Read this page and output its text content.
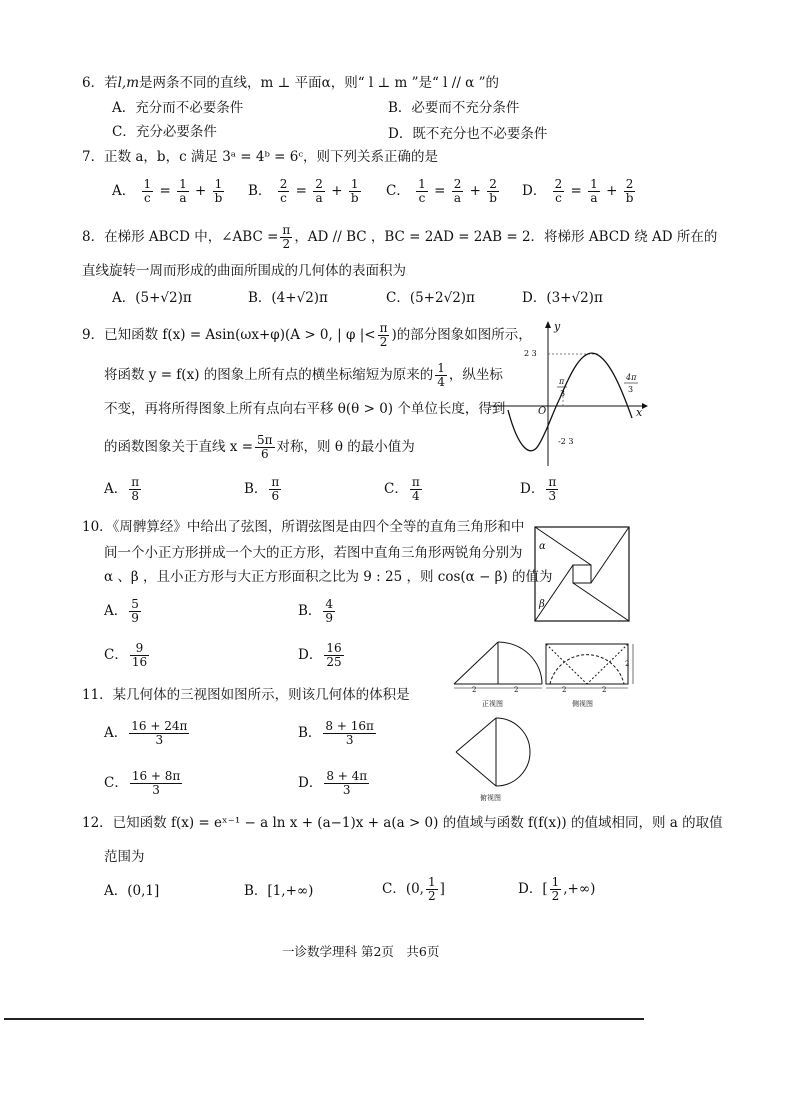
6．若l,m是两条不同的直线，m ⊥ 平面α，则“ l ⊥ m ”是“ l // α ”的
A．充分而不必要条件	B．必要而不充分条件
C．充分必要条件	D．既不充分也不必要条件
7．正数 a，b，c 满足 3ᵃ = 4ᵇ = 6ᶜ，则下列关系正确的是
A． $\frac{1}{c} = \frac{1}{a} + \frac{1}{b}$ B． $\frac{2}{c} = \frac{2}{a} + \frac{1}{b}$ C． $\frac{1}{c} = \frac{2}{a} + \frac{2}{b}$ D． $\frac{2}{c} = \frac{1}{a} + \frac{2}{b}$
8．在梯形 ABCD 中，∠ABC = $\frac{\pi}{2}$ ，AD // BC ，BC = 2AD = 2AB = 2．将梯形 ABCD 绕 AD 所在的
直线旋转一周而形成的曲面所围成的几何体的表面积为
A．(5+√2)π	B．(4+√2)π	C．(5+2√2)π	D．(3+√2)π
9．已知函数 f(x) = Asin(ωx+φ)(A > 0, | φ |< $\frac{\pi}{2}$ )的部分图象如图所示，
将函数 y = f(x) 的图象上所有点的横坐标缩短为原来的 $\frac{1}{4}$ ，纵坐标
不变，再将所得图象上所有点向右平移 θ(θ > 0) 个单位长度，得到
的函数图象关于直线 $x = \frac{5\pi}{6}$ 对称，则 θ 的最小值为
A． $\frac{\pi}{8}$	B． $\frac{\pi}{6}$	C． $\frac{\pi}{4}$	D． $\frac{\pi}{3}$
y
x
O
2 3
-2 3
π
3
4π
3
10．《周髀算经》中给出了弦图，所谓弦图是由四个全等的直角三角形和中
间一个小正方形拼成一个大的正方形，若图中直角三角形两锐角分别为
α 、β ，且小正方形与大正方形面积之比为 9 : 25 ，则 cos(α − β) 的值为
A． $\frac{5}{9}$	B． $\frac{4}{9}$
C． $\frac{9}{16}$	D． $\frac{16}{25}$
α
β
11．某几何体的三视图如图所示，则该几何体的体积是
A． $\frac{16 + 24\pi}{3}$	B． $\frac{8 + 16\pi}{3}$
C． $\frac{16 + 8\pi}{3}$	D． $\frac{8 + 4\pi}{3}$
2	2
正视图
2
2	2
侧视图
俯视图
12．已知函数 f(x) = eˣ⁻¹ − a ln x + (a−1)x + a(a > 0) 的值域与函数 f(f(x)) 的值域相同，则 a 的取值
范围为
A．(0,1]	B．[1,+∞)	C．(0, $\frac{1}{2}$ ]	D．[ $\frac{1}{2}$ ,+∞)
一诊数学理科 第2页　共6页
